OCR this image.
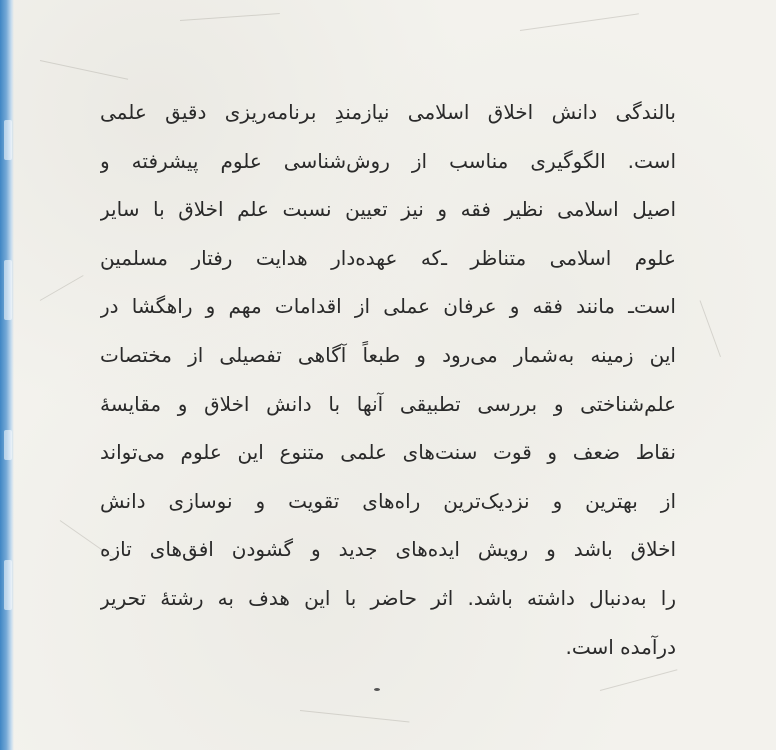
بالندگی دانش اخلاق اسلامی نیازمندِ برنامه‌ریزی دقیق علمی
است. الگوگیری مناسب از روش‌شناسی علوم پیشرفته و
اصیل اسلامی نظیر فقه و نیز تعیین نسبت علم اخلاق با سایر
علوم اسلامی متناظر ـ‌که عهده‌دار هدایت رفتار مسلمین
است‌ـ مانند فقه و عرفان عملی از اقدامات مهم و راهگشا در
این زمینه به‌شمار می‌رود و طبعاً آگاهی تفصیلی از مختصات
علم‌شناختی و بررسی تطبیقی آنها با دانش اخلاق و مقایسهٔ
نقاط ضعف و قوت سنت‌های علمی متنوع این علوم می‌تواند
از بهترین و نزدیک‌ترین راه‌های تقویت و نوسازی دانش
اخلاق باشد و رویش ایده‌های جدید و گشودن افق‌های تازه
را به‌دنبال داشته باشد. اثر حاضر با این هدف به رشتهٔ تحریر
درآمده است.
